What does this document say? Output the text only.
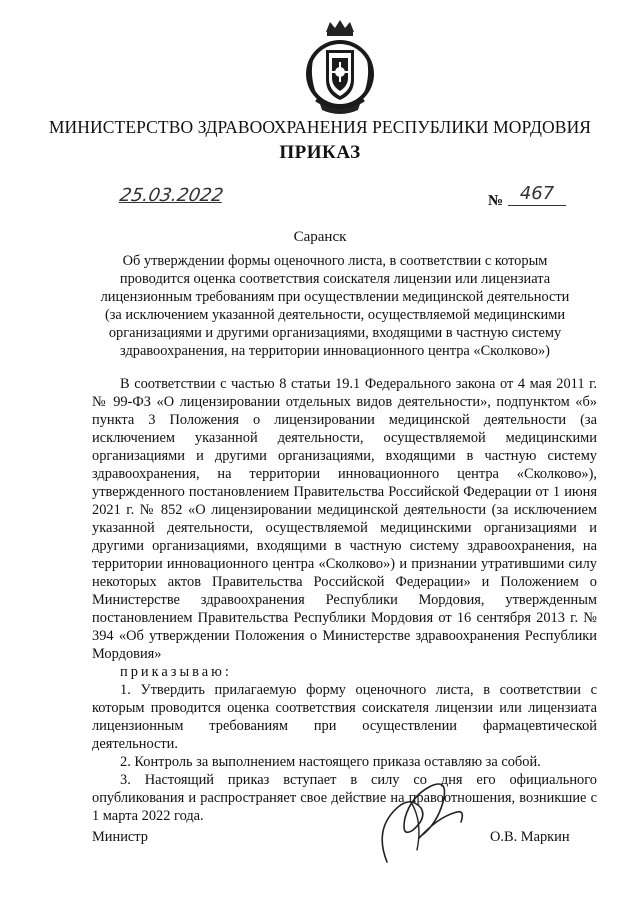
МИНИСТЕРСТВО ЗДРАВООХРАНЕНИЯ РЕСПУБЛИКИ МОРДОВИЯ
ПРИКАЗ
25.03.2022	№ 467
Саранск
Об утверждении формы оценочного листа, в соответствии с которым проводится оценка соответствия соискателя лицензии или лицензиата лицензионным требованиям при осуществлении медицинской деятельности (за исключением указанной деятельности, осуществляемой медицинскими организациями и другими организациями, входящими в частную систему здравоохранения, на территории инновационного центра «Сколково»)

В соответствии с частью 8 статьи 19.1 Федерального закона от 4 мая 2011 г. № 99-ФЗ «О лицензировании отдельных видов деятельности», подпунктом «б» пункта 3 Положения о лицензировании медицинской деятельности (за исключением указанной деятельности, осуществляемой медицинскими организациями и другими организациями, входящими в частную систему здравоохранения, на территории инновационного центра «Сколково»), утвержденного постановлением Правительства Российской Федерации от 1 июня 2021 г. № 852 «О лицензировании медицинской деятельности (за исключением указанной деятельности, осуществляемой медицинскими организациями и другими организациями, входящими в частную систему здравоохранения, на территории инновационного центра «Сколково») и признании утратившими силу некоторых актов Правительства Российской Федерации» и Положением о Министерстве здравоохранения Республики Мордовия, утвержденным постановлением Правительства Республики Мордовия от 16 сентября 2013 г. № 394 «Об утверждении Положения о Министерстве здравоохранения Республики Мордовия»

приказываю:

1. Утвердить прилагаемую форму оценочного листа, в соответствии с которым проводится оценка соответствия соискателя лицензии или лицензиата лицензионным требованиям при осуществлении фармацевтической деятельности.

2. Контроль за выполнением настоящего приказа оставляю за собой.

3. Настоящий приказ вступает в силу со дня его официального опубликования и распространяет свое действие на правоотношения, возникшие с 1 марта 2022 года.

Министр	О.В. Маркин
